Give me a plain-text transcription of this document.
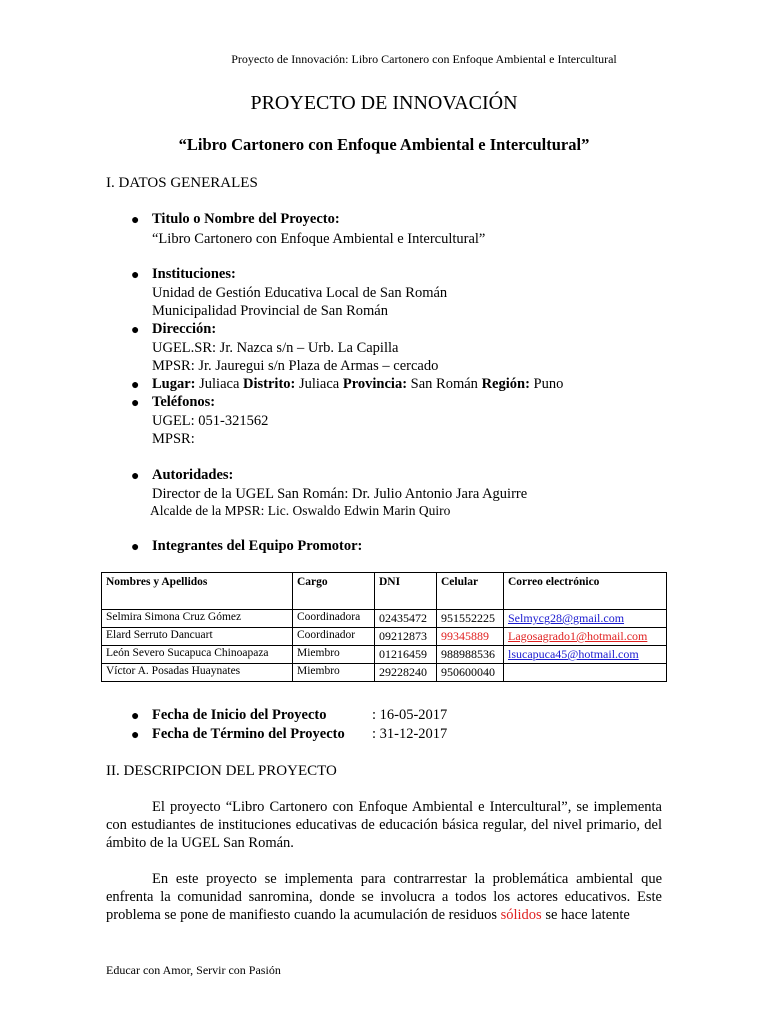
Proyecto de Innovación: Libro Cartonero con Enfoque Ambiental e Intercultural
PROYECTO DE INNOVACIÓN
“Libro Cartonero con Enfoque Ambiental e Intercultural”
I. DATOS GENERALES
● Titulo o Nombre del Proyecto:
“Libro Cartonero con Enfoque Ambiental e Intercultural”
● Instituciones:
Unidad de Gestión Educativa Local de San Román
Municipalidad Provincial de San Román
● Dirección:
UGEL.SR: Jr. Nazca s/n – Urb. La Capilla
MPSR: Jr. Jauregui s/n Plaza de Armas – cercado
● Lugar: Juliaca Distrito: Juliaca Provincia: San Román Región: Puno
● Teléfonos:
UGEL: 051-321562
MPSR:
● Autoridades:
Director de la UGEL San Román: Dr. Julio Antonio Jara Aguirre
Alcalde de la MPSR: Lic. Oswaldo Edwin Marin Quiro
● Integrantes del Equipo Promotor:
Nombres y Apellidos	Cargo	DNI	Celular	Correo electrónico
Selmira Simona Cruz Gómez	Coordinadora	02435472	951552225	Selmycg28@gmail.com
Elard Serruto Dancuart	Coordinador	09212873	99345889	Lagosagrado1@hotmail.com
León Severo Sucapuca Chinoapaza	Miembro	01216459	988988536	lsucapuca45@hotmail.com
Víctor A. Posadas Huaynates	Miembro	29228240	950600040	
● Fecha de Inicio del Proyecto	: 16-05-2017
● Fecha de Término del Proyecto : 31-12-2017
II. DESCRIPCION DEL PROYECTO
El proyecto “Libro Cartonero con Enfoque Ambiental e Intercultural”, se implementa con estudiantes de instituciones educativas de educación básica regular, del nivel primario, del ámbito de la UGEL San Román.
En este proyecto se implementa para contrarrestar la problemática ambiental que enfrenta la comunidad sanromina, donde se involucra a todos los actores educativos. Este problema se pone de manifiesto cuando la acumulación de residuos sólidos se hace latente
Educar con Amor, Servir con Pasión
